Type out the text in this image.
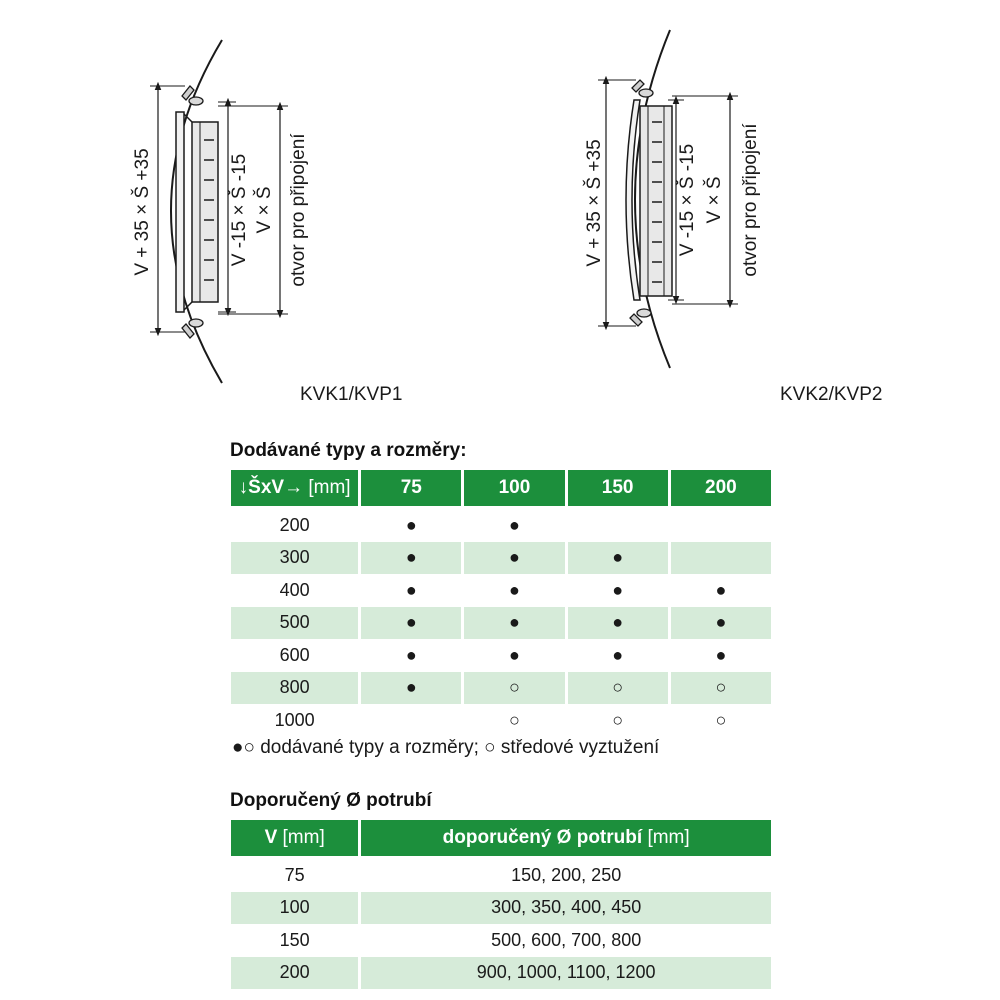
V + 35 × Š +35	V -15 × Š -15 V × Š otvor pro připojení	V + 35 × Š +35	V -15 × Š -15 V × Š otvor pro připojení
KVK1/KVP1	KVK2/KVP2
Dodávané typy a rozměry:
↓ŠxV→ [mm]	75	100	150	200
200	●	●		
300	●	●	●	
400	●	●	●	●
500	●	●	●	●
600	●	●	●	●
800	●	○	○	○
1000		○	○	○
●○ dodávané typy a rozměry; ○ středové vyztužení
Doporučený Ø potrubí
V [mm]	doporučený Ø potrubí [mm]
75	150, 200, 250
100	300, 350, 400, 450
150	500, 600, 700, 800
200	900, 1000, 1100, 1200
